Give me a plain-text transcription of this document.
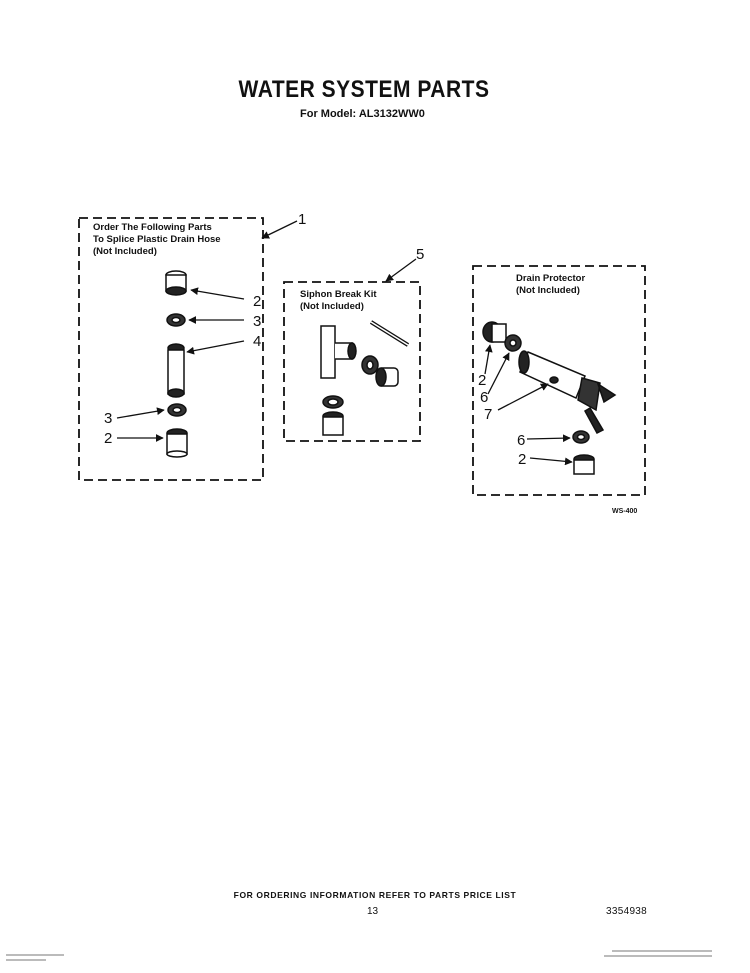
WATER SYSTEM PARTS
For Model: AL3132WW0
Order The Following Parts
To Splice Plastic Drain Hose
(Not Included)
Siphon Break Kit
(Not Included)
Drain Protector
(Not Included)
1
2
3
4
3
2
5
2
6
7
6
2
WS-400
FOR ORDERING INFORMATION REFER TO PARTS PRICE LIST
13	3354938
